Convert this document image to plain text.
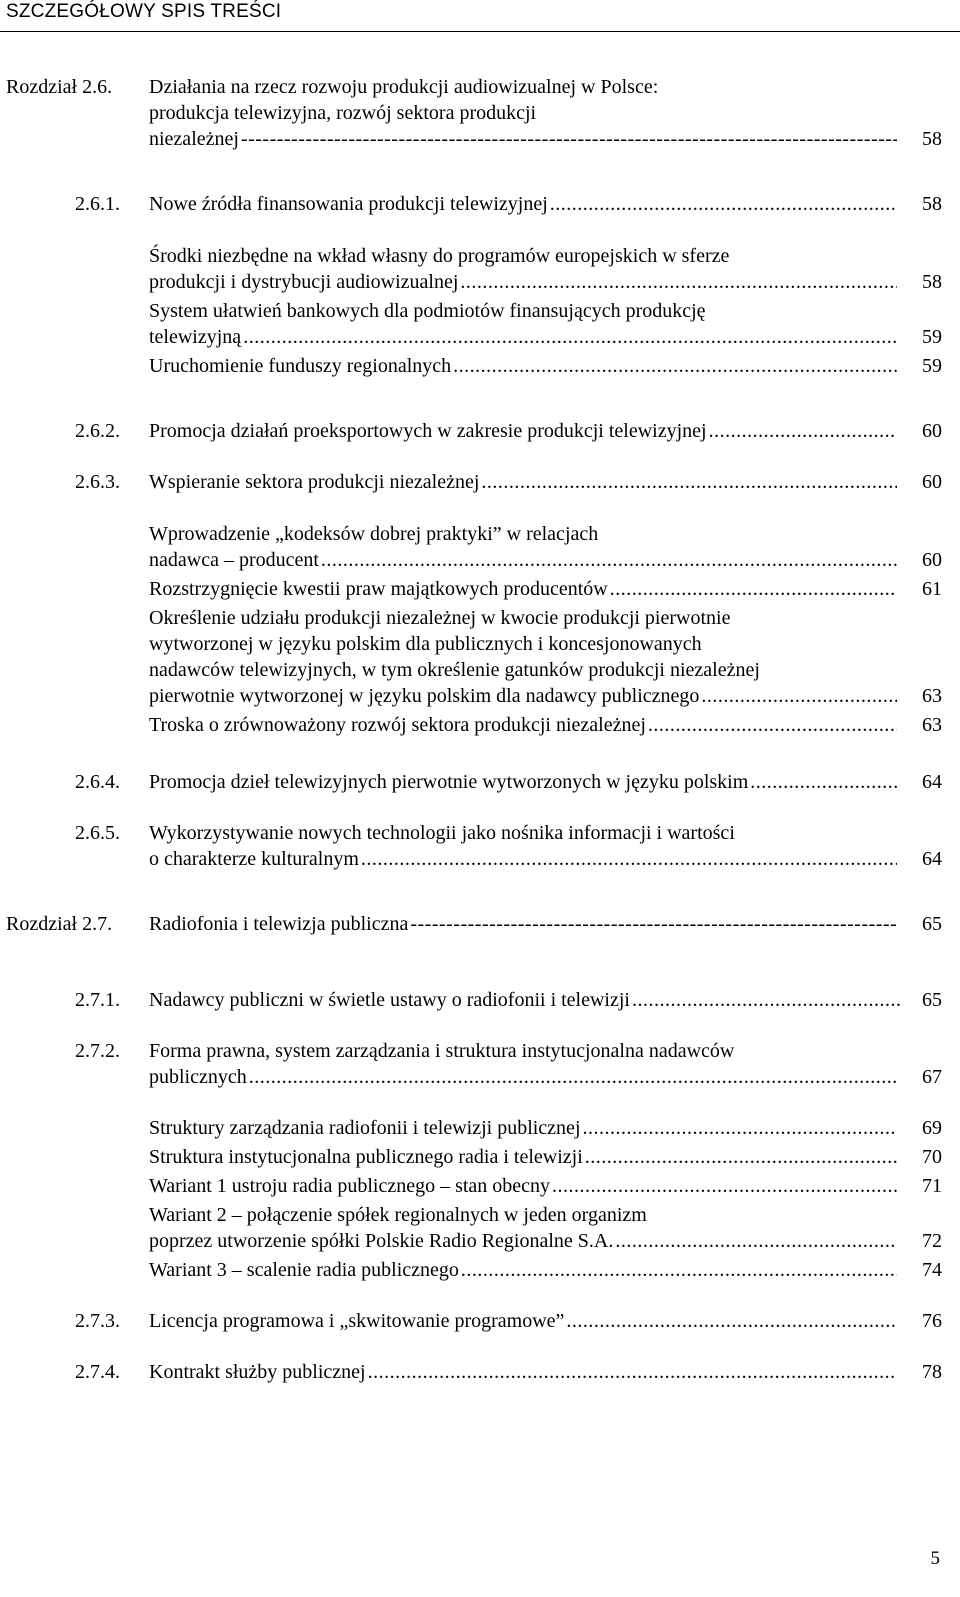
SZCZEGÓŁOWY SPIS TREŚCI
Rozdział 2.6. Działania na rzecz rozwoju produkcji audiowizualnej w Polsce:
produkcja telewizyjna, rozwój sektora produkcji
niezależnej -----	58
2.6.1. Nowe źródła finansowania produkcji telewizyjnej .....	58
Środki niezbędne na wkład własny do programów europejskich w sferze
produkcji i dystrybucji audiowizualnej .....	58
System ułatwień bankowych dla podmiotów finansujących produkcję
telewizyjną .....	59
Uruchomienie funduszy regionalnych .....	59
2.6.2. Promocja działań proeksportowych w zakresie produkcji telewizyjnej .....	60
2.6.3. Wspieranie sektora produkcji niezależnej .....	60
Wprowadzenie „kodeksów dobrej praktyki” w relacjach
nadawca – producent .....	60
Rozstrzygnięcie kwestii praw majątkowych producentów .....	61
Określenie udziału produkcji niezależnej w kwocie produkcji pierwotnie
wytworzonej w języku polskim dla publicznych i koncesjonowanych
nadawców telewizyjnych, w tym określenie gatunków produkcji niezależnej
pierwotnie wytworzonej w języku polskim dla nadawcy publicznego .....	63
Troska o zrównoważony rozwój sektora produkcji niezależnej .....	63
2.6.4. Promocja dzieł telewizyjnych pierwotnie wytworzonych w języku polskim .....	64
2.6.5. Wykorzystywanie nowych technologii jako nośnika informacji i wartości
o charakterze kulturalnym .....	64
Rozdział 2.7. Radiofonia i telewizja publiczna -----	65
2.7.1. Nadawcy publiczni w świetle ustawy o radiofonii i telewizji .....	65
2.7.2. Forma prawna, system zarządzania i struktura instytucjonalna nadawców
publicznych .....	67
Struktury zarządzania radiofonii i telewizji publicznej .....	69
Struktura instytucjonalna publicznego radia i telewizji .....	70
Wariant 1 ustroju radia publicznego – stan obecny .....	71
Wariant 2 – połączenie spółek regionalnych w jeden organizm
poprzez utworzenie spółki Polskie Radio Regionalne S.A. .....	72
Wariant 3 – scalenie radia publicznego .....	74
2.7.3. Licencja programowa i „skwitowanie programowe” .....	76
2.7.4. Kontrakt służby publicznej .....	78
5
